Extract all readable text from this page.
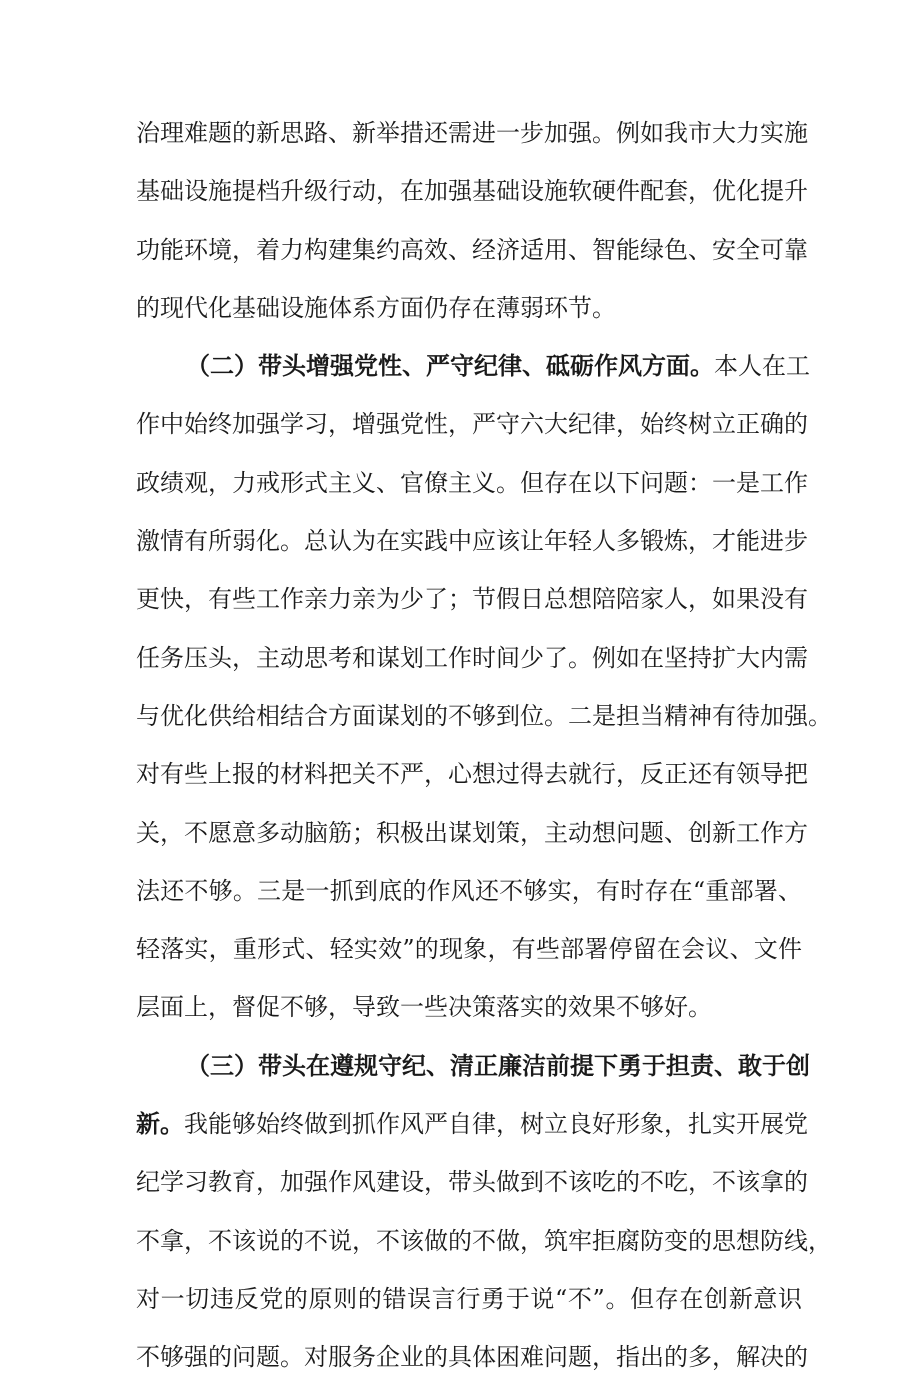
治理难题的新思路、新举措还需进一步加强。例如我市大力实施
基础设施提档升级行动，在加强基础设施软硬件配套，优化提升
功能环境，着力构建集约高效、经济适用、智能绿色、安全可靠
的现代化基础设施体系方面仍存在薄弱环节。
（二）带头增强党性、严守纪律、砥砺作风方面。本人在工
作中始终加强学习，增强党性，严守六大纪律，始终树立正确的
政绩观，力戒形式主义、官僚主义。但存在以下问题：一是工作
激情有所弱化。总认为在实践中应该让年轻人多锻炼，才能进步
更快，有些工作亲力亲为少了；节假日总想陪陪家人，如果没有
任务压头，主动思考和谋划工作时间少了。例如在坚持扩大内需
与优化供给相结合方面谋划的不够到位。二是担当精神有待加强。
对有些上报的材料把关不严，心想过得去就行，反正还有领导把
关，不愿意多动脑筋；积极出谋划策，主动想问题、创新工作方
法还不够。三是一抓到底的作风还不够实，有时存在“重部署、
轻落实，重形式、轻实效”的现象，有些部署停留在会议、文件
层面上，督促不够，导致一些决策落实的效果不够好。
（三）带头在遵规守纪、清正廉洁前提下勇于担责、敢于创
新。我能够始终做到抓作风严自律，树立良好形象，扎实开展党
纪学习教育，加强作风建设，带头做到不该吃的不吃，不该拿的
不拿，不该说的不说，不该做的不做，筑牢拒腐防变的思想防线，
对一切违反党的原则的错误言行勇于说“不”。但存在创新意识
不够强的问题。对服务企业的具体困难问题，指出的多，解决的
